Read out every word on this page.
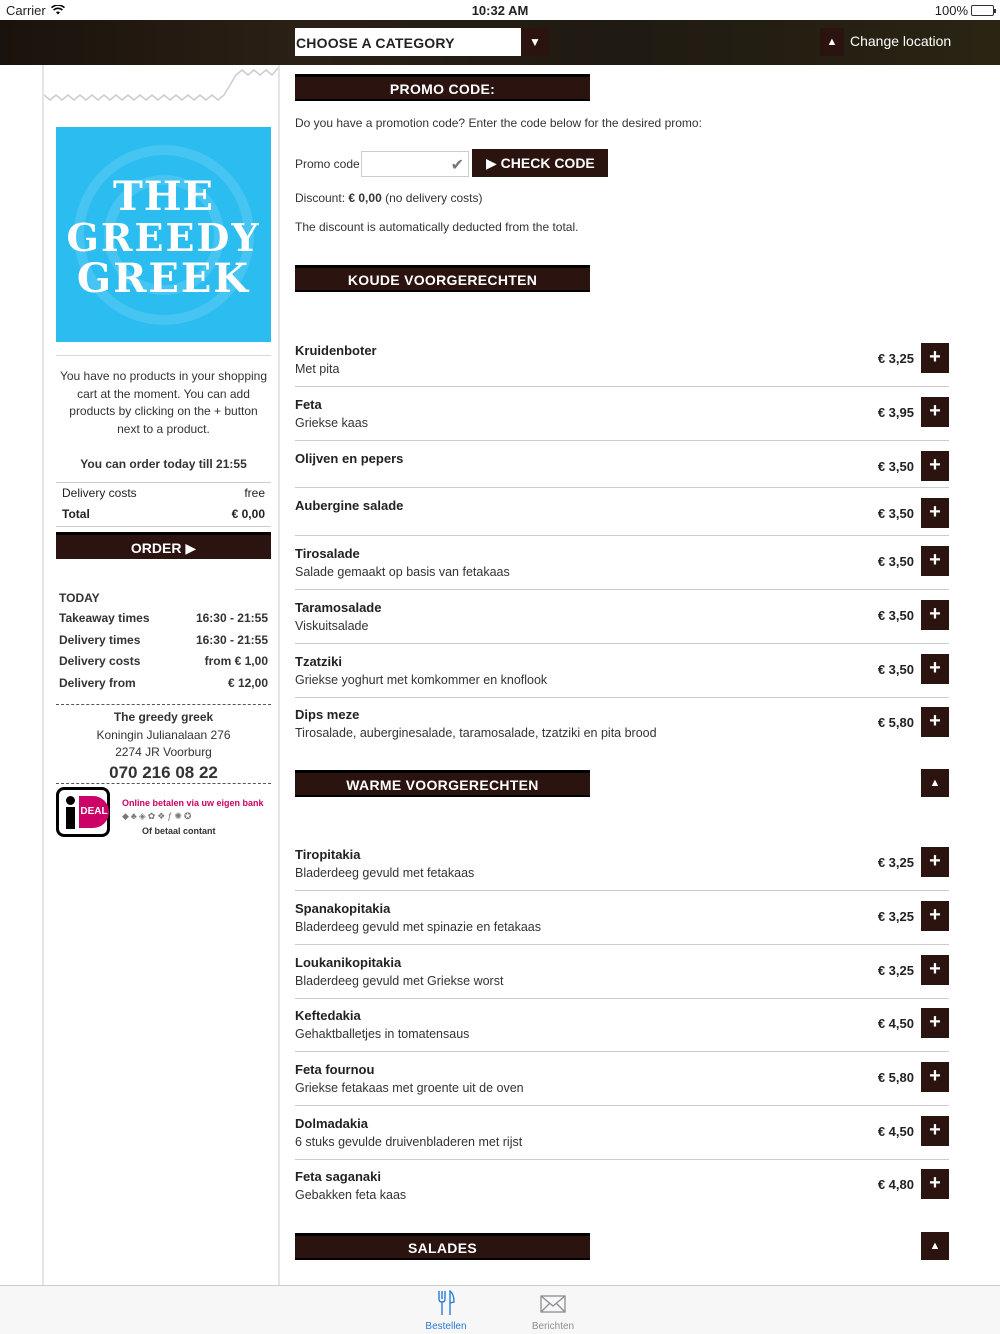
Carrier	10:32 AM	100%
CHOOSE A CATEGORY	▼	▲ Change location
THE
GREEDY
GREEK
You have no products in your shopping cart at the moment. You can add products by clicking on the + button next to a product.
You can order today till 21:55
Delivery costs	free
Total	€ 0,00
ORDER ▶
TODAY
Takeaway times	16:30 - 21:55
Delivery times	16:30 - 21:55
Delivery costs	from € 1,00
Delivery from	€ 12,00
The greedy greek
Koningin Julianalaan 276
2274 JR Voorburg
070 216 08 22
DEAL
Online betalen via uw eigen bank
◆♣◈✿❖ƒ✺✪
Of betaal contant
PROMO CODE:
Do you have a promotion code? Enter the code below for the desired promo:
Promo code	✔	▶ CHECK CODE
Discount: € 0,00 (no delivery costs)
The discount is automatically deducted from the total.
KOUDE VOORGERECHTEN
Kruidenboter
Met pita
€ 3,25 +
Feta
Griekse kaas
€ 3,95 +
Olijven en pepers
€ 3,50 +
Aubergine salade
€ 3,50 +
Tirosalade
Salade gemaakt op basis van fetakaas
€ 3,50 +
Taramosalade
Viskuitsalade
€ 3,50 +
Tzatziki
Griekse yoghurt met komkommer en knoflook
€ 3,50 +
Dips meze
Tirosalade, auberginesalade, taramosalade, tzatziki en pita brood
€ 5,80 +
WARME VOORGERECHTEN	▲
Tiropitakia
Bladerdeeg gevuld met fetakaas
€ 3,25 +
Spanakopitakia
Bladerdeeg gevuld met spinazie en fetakaas
€ 3,25 +
Loukanikopitakia
Bladerdeeg gevuld met Griekse worst
€ 3,25 +
Keftedakia
Gehaktballetjes in tomatensaus
€ 4,50 +
Feta fournou
Griekse fetakaas met groente uit de oven
€ 5,80 +
Dolmadakia
6 stuks gevulde druivenbladeren met rijst
€ 4,50 +
Feta saganaki
Gebakken feta kaas
€ 4,80 +
SALADES	▲
Bestellen	Berichten
